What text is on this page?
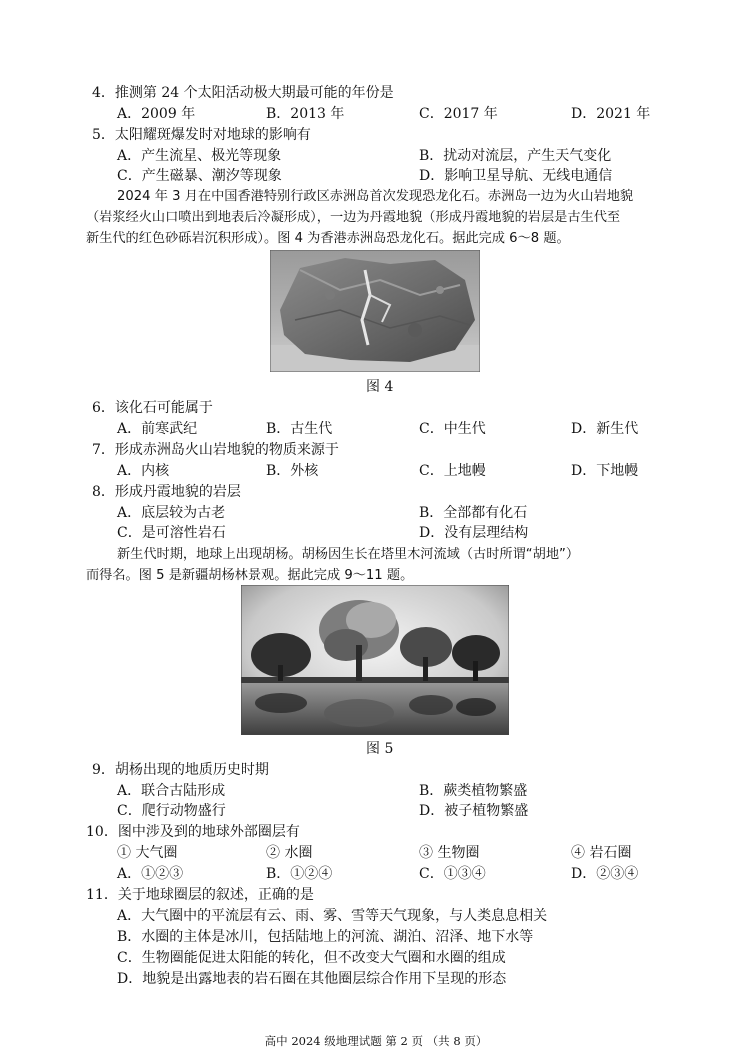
4．推测第 24 个太阳活动极大期最可能的年份是
A．2009 年	B．2013 年	C．2017 年	D．2021 年
5．太阳耀斑爆发时对地球的影响有
A．产生流星、极光等现象	B．扰动对流层，产生天气变化
C．产生磁暴、潮汐等现象	D．影响卫星导航、无线电通信
2024 年 3 月在中国香港特别行政区赤洲岛首次发现恐龙化石。赤洲岛一边为火山岩地貌
（岩浆经火山口喷出到地表后冷凝形成），一边为丹霞地貌（形成丹霞地貌的岩层是古生代至
新生代的红色砂砾岩沉积形成）。图 4 为香港赤洲岛恐龙化石。据此完成 6～8 题。
图 4
6．该化石可能属于
A．前寒武纪	B．古生代	C．中生代	D．新生代
7．形成赤洲岛火山岩地貌的物质来源于
A．内核	B．外核	C．上地幔	D．下地幔
8．形成丹霞地貌的岩层
A．底层较为古老	B．全部都有化石
C．是可溶性岩石	D．没有层理结构
新生代时期，地球上出现胡杨。胡杨因生长在塔里木河流域（古时所谓“胡地”）
而得名。图 5 是新疆胡杨林景观。据此完成 9～11 题。
图 5
9．胡杨出现的地质历史时期
A．联合古陆形成	B．蕨类植物繁盛
C．爬行动物盛行	D．被子植物繁盛
10．图中涉及到的地球外部圈层有
① 大气圈	② 水圈	③ 生物圈	④ 岩石圈
A．①②③	B．①②④	C．①③④	D．②③④
11．关于地球圈层的叙述，正确的是
A．大气圈中的平流层有云、雨、雾、雪等天气现象，与人类息息相关
B．水圈的主体是冰川，包括陆地上的河流、湖泊、沼泽、地下水等
C．生物圈能促进太阳能的转化，但不改变大气圈和水圈的组成
D．地貌是出露地表的岩石圈在其他圈层综合作用下呈现的形态
高中 2024 级地理试题 第 2 页 （共 8 页）
